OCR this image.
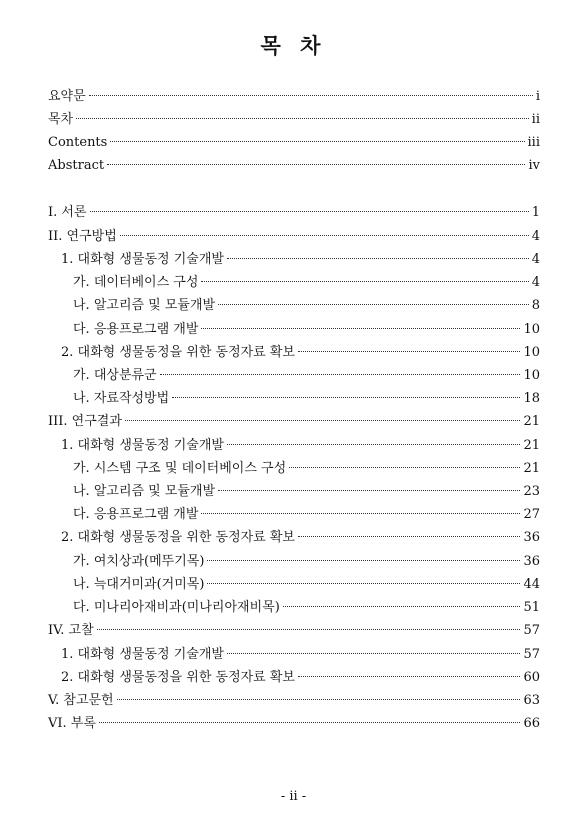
목 차
요약문	i
목차	ii
Contents	iii
Abstract	iv
I. 서론	1
II. 연구방법	4
1. 대화형 생물동정 기술개발	4
가. 데이터베이스 구성	4
나. 알고리즘 및 모듈개발	8
다. 응용프로그램 개발	10
2. 대화형 생물동정을 위한 동정자료 확보	10
가. 대상분류군	10
나. 자료작성방법	18
III. 연구결과	21
1. 대화형 생물동정 기술개발	21
가. 시스템 구조 및 데이터베이스 구성	21
나. 알고리즘 및 모듈개발	23
다. 응용프로그램 개발	27
2. 대화형 생물동정을 위한 동정자료 확보	36
가. 여치상과(메뚜기목)	36
나. 늑대거미과(거미목)	44
다. 미나리아재비과(미나리아재비목)	51
IV. 고찰	57
1. 대화형 생물동정 기술개발	57
2. 대화형 생물동정을 위한 동정자료 확보	60
V. 참고문헌	63
VI. 부록	66
- ii -
